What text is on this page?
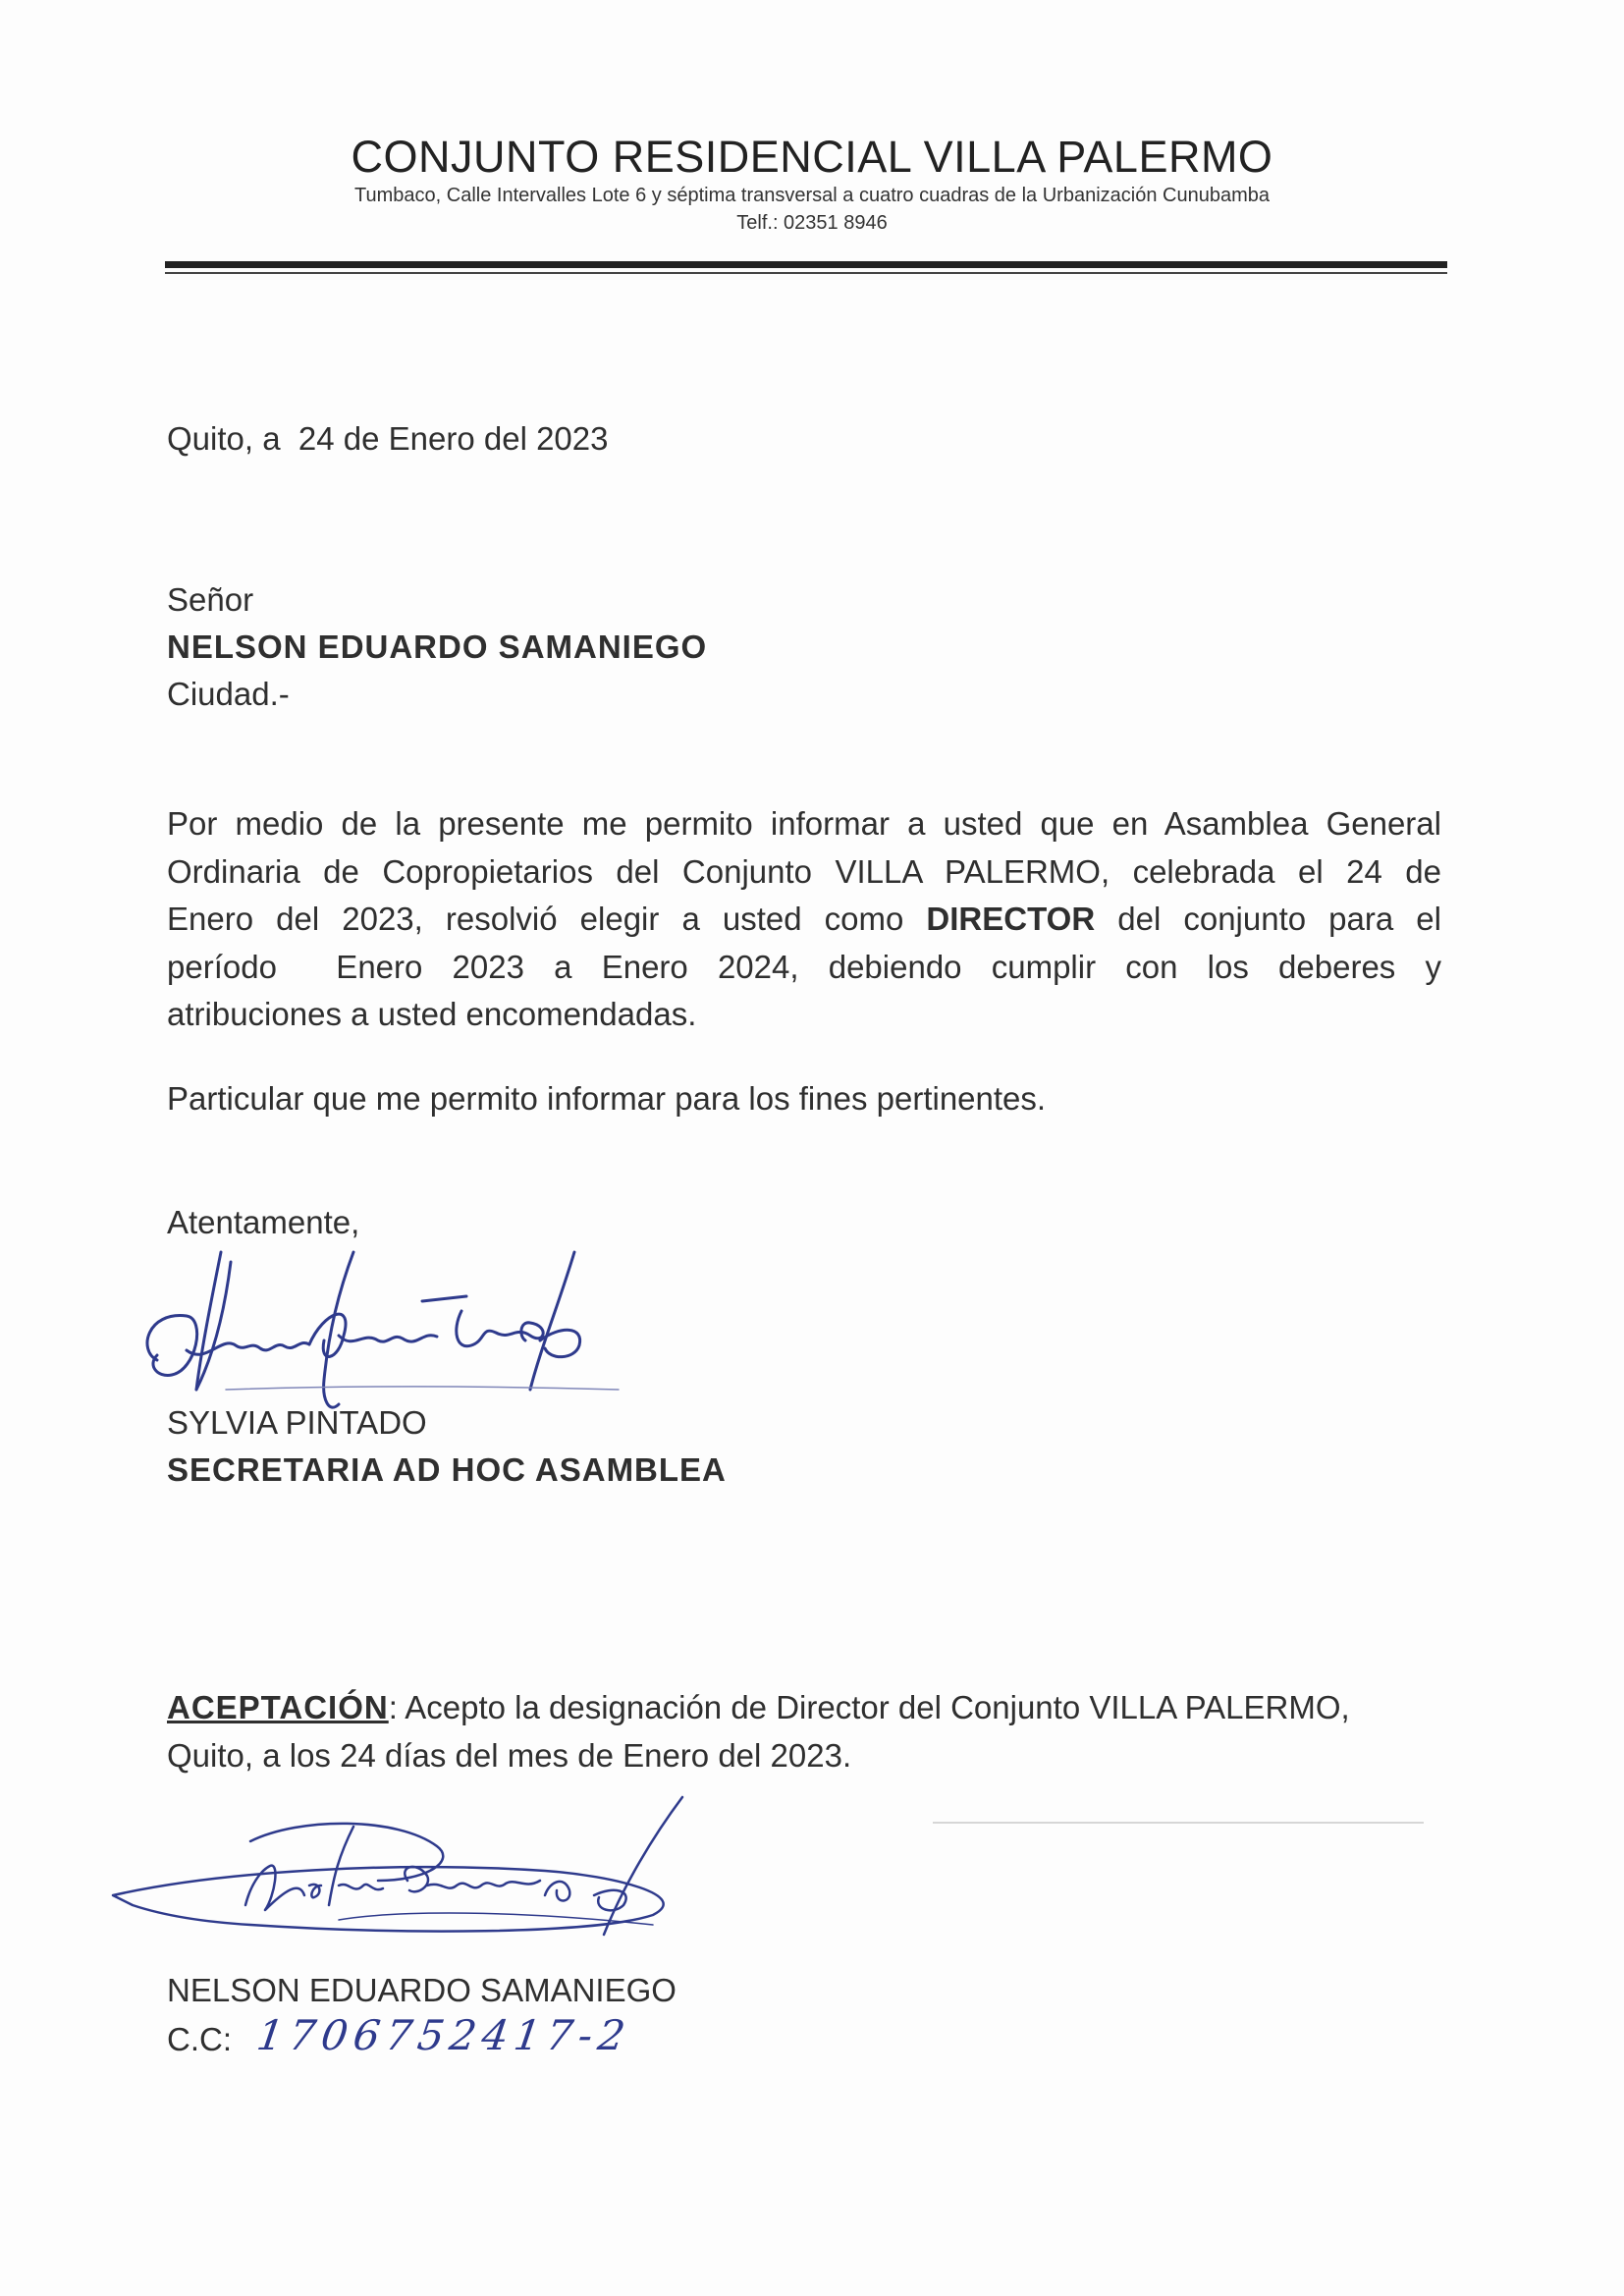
CONJUNTO RESIDENCIAL VILLA PALERMO
Tumbaco, Calle Intervalles Lote 6 y séptima transversal a cuatro cuadras de la Urbanización Cunubamba
Telf.: 02351 8946
Quito, a  24 de Enero del 2023
Señor
NELSON EDUARDO SAMANIEGO
Ciudad.-
Por medio de la presente me permito informar a usted que en Asamblea General
Ordinaria de Copropietarios del Conjunto VILLA PALERMO, celebrada el 24 de
Enero del 2023, resolvió elegir a usted como DIRECTOR del conjunto para el
período  Enero 2023 a Enero 2024, debiendo cumplir con los deberes y
atribuciones a usted encomendadas.
Particular que me permito informar para los fines pertinentes.
Atentamente,
SYLVIA PINTADO
SECRETARIA AD HOC ASAMBLEA
ACEPTACIÓN: Acepto la designación de Director del Conjunto VILLA PALERMO,
Quito, a los 24 días del mes de Enero del 2023.
NELSON EDUARDO SAMANIEGO
C.C: 1706752417-2
